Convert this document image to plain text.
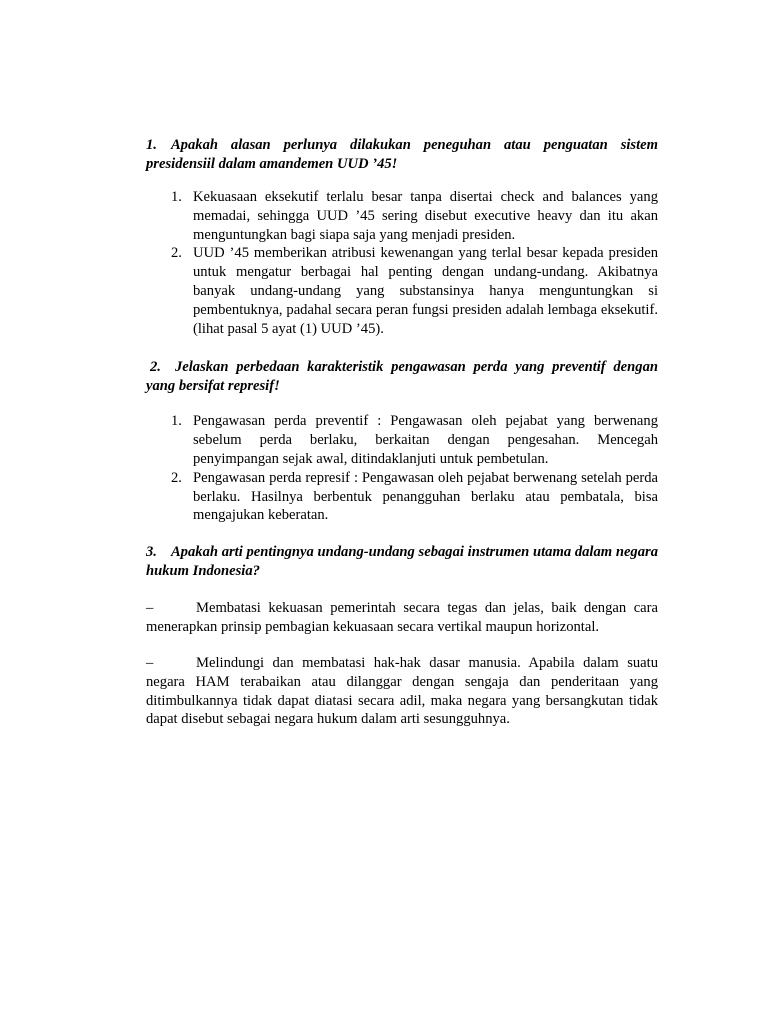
1. Apakah alasan perlunya dilakukan peneguhan atau penguatan sistem presidensiil dalam amandemen UUD ’45!

1. Kekuasaan eksekutif terlalu besar tanpa disertai check and balances yang memadai, sehingga UUD ’45 sering disebut executive heavy dan itu akan menguntungkan bagi siapa saja yang menjadi presiden.
2. UUD ’45 memberikan atribusi kewenangan yang terlal besar kepada presiden untuk mengatur berbagai hal penting dengan undang-undang. Akibatnya banyak undang-undang yang substansinya hanya menguntungkan si pembentuknya, padahal secara peran fungsi presiden adalah lembaga eksekutif. (lihat pasal 5 ayat (1) UUD ’45).

2. Jelaskan perbedaan karakteristik pengawasan perda yang preventif dengan yang bersifat represif!

1. Pengawasan perda preventif : Pengawasan oleh pejabat yang berwenang sebelum perda berlaku, berkaitan dengan pengesahan. Mencegah penyimpangan sejak awal, ditindaklanjuti untuk pembetulan.
2. Pengawasan perda represif : Pengawasan oleh pejabat berwenang setelah perda berlaku. Hasilnya berbentuk penangguhan berlaku atau pembatala, bisa mengajukan keberatan.

3. Apakah arti pentingnya undang-undang sebagai instrumen utama dalam negara hukum Indonesia?

–	Membatasi kekuasan pemerintah secara tegas dan jelas, baik dengan cara menerapkan prinsip pembagian kekuasaan secara vertikal maupun horizontal.

–	Melindungi dan membatasi hak-hak dasar manusia. Apabila dalam suatu negara HAM terabaikan atau dilanggar dengan sengaja dan penderitaan yang ditimbulkannya tidak dapat diatasi secara adil, maka negara yang bersangkutan tidak dapat disebut sebagai negara hukum dalam arti sesungguhnya.
